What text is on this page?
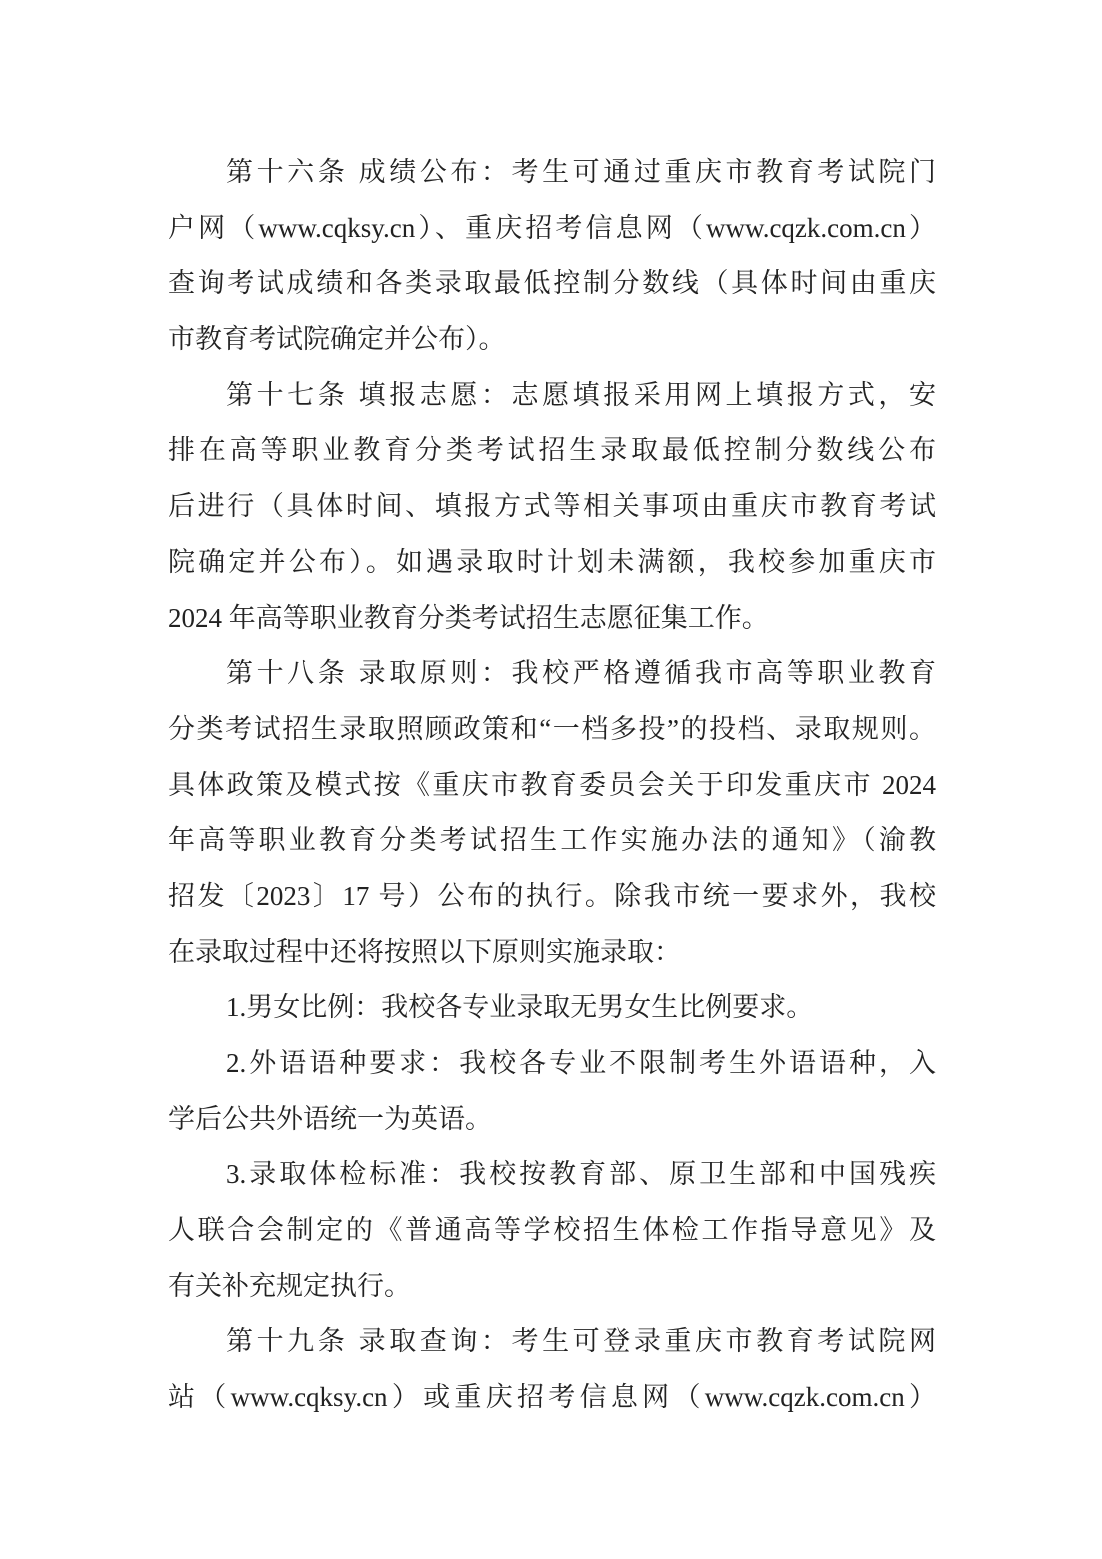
第十六条 成绩公布：考生可通过重庆市教育考试院门
户网（www.cqksy.cn）、重庆招考信息网（www.cqzk.com.cn）
查询考试成绩和各类录取最低控制分数线（具体时间由重庆
市教育考试院确定并公布）。
第十七条 填报志愿：志愿填报采用网上填报方式，安
排在高等职业教育分类考试招生录取最低控制分数线公布
后进行（具体时间、填报方式等相关事项由重庆市教育考试
院确定并公布）。如遇录取时计划未满额，我校参加重庆市
2024 年高等职业教育分类考试招生志愿征集工作。
第十八条 录取原则：我校严格遵循我市高等职业教育
分类考试招生录取照顾政策和“一档多投”的投档、录取规则。
具体政策及模式按《重庆市教育委员会关于印发重庆市 2024
年高等职业教育分类考试招生工作实施办法的通知》（渝教
招发〔2023〕17 号）公布的执行。除我市统一要求外，我校
在录取过程中还将按照以下原则实施录取：
1.男女比例：我校各专业录取无男女生比例要求。
2.外语语种要求：我校各专业不限制考生外语语种，入
学后公共外语统一为英语。
3.录取体检标准：我校按教育部、原卫生部和中国残疾
人联合会制定的《普通高等学校招生体检工作指导意见》及
有关补充规定执行。
第十九条 录取查询：考生可登录重庆市教育考试院网
站（www.cqksy.cn）或重庆招考信息网（www.cqzk.com.cn）
